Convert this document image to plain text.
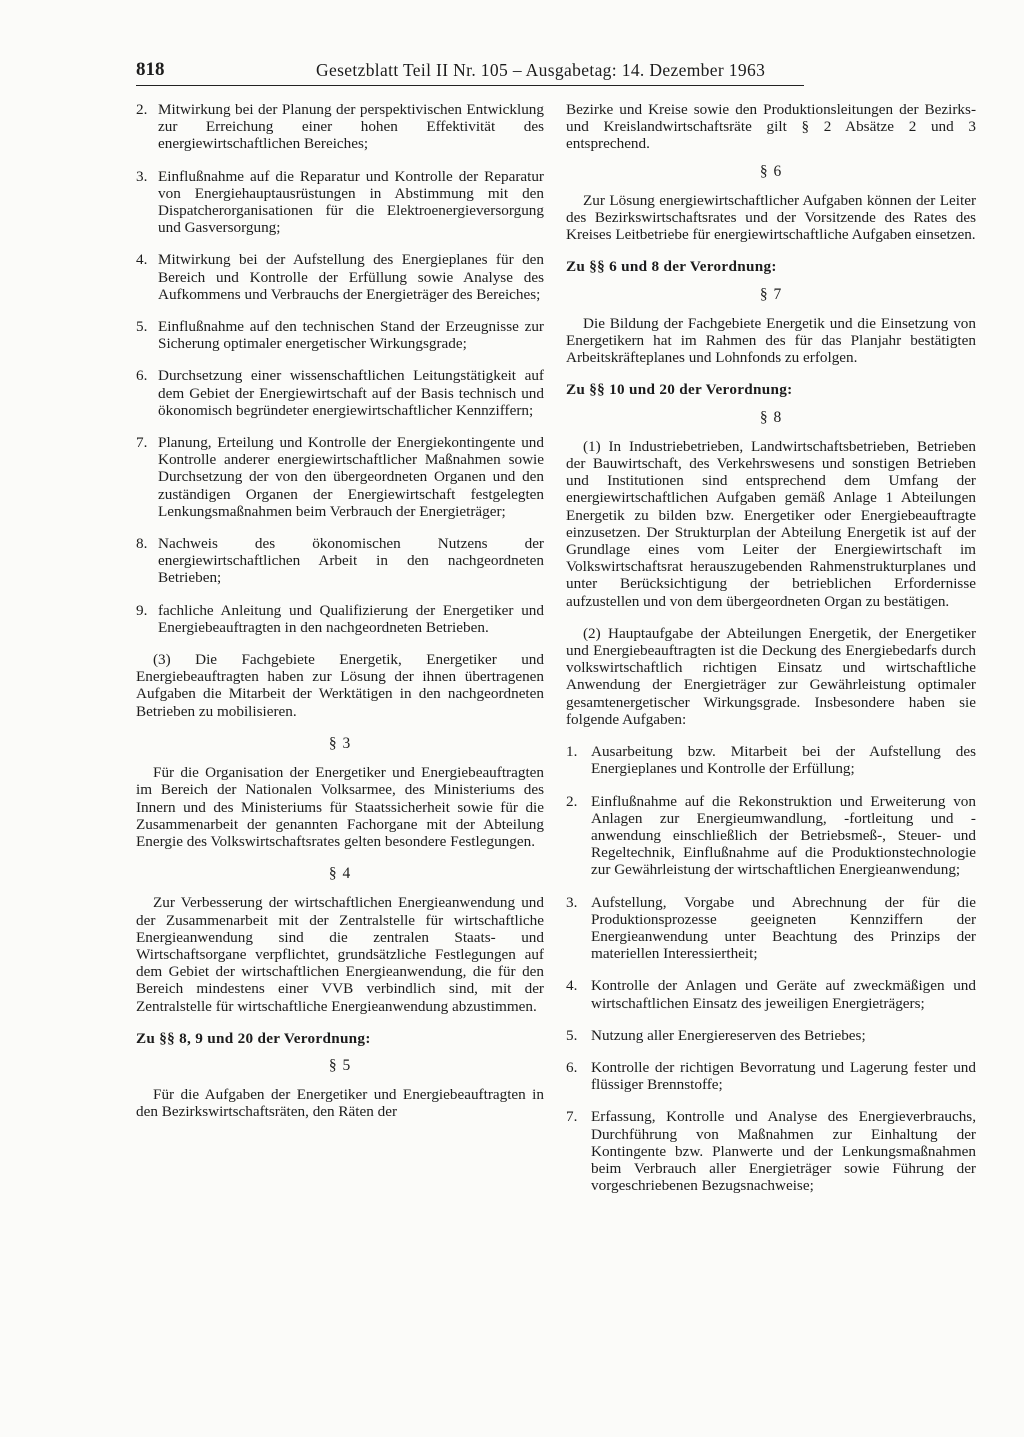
818	Gesetzblatt Teil II Nr. 105 – Ausgabetag: 14. Dezember 1963
2. Mitwirkung bei der Planung der perspektivischen Entwicklung zur Erreichung einer hohen Effektivität des energiewirtschaftlichen Bereiches;
3. Einflußnahme auf die Reparatur und Kontrolle der Reparatur von Energiehauptausrüstungen in Abstimmung mit den Dispatcherorganisationen für die Elektroenergieversorgung und Gasversorgung;
4. Mitwirkung bei der Aufstellung des Energieplanes für den Bereich und Kontrolle der Erfüllung sowie Analyse des Aufkommens und Verbrauchs der Energieträger des Bereiches;
5. Einflußnahme auf den technischen Stand der Erzeugnisse zur Sicherung optimaler energetischer Wirkungsgrade;
6. Durchsetzung einer wissenschaftlichen Leitungstätigkeit auf dem Gebiet der Energiewirtschaft auf der Basis technisch und ökonomisch begründeter energiewirtschaftlicher Kennziffern;
7. Planung, Erteilung und Kontrolle der Energiekontingente und Kontrolle anderer energiewirtschaftlicher Maßnahmen sowie Durchsetzung der von den übergeordneten Organen und den zuständigen Organen der Energiewirtschaft festgelegten Lenkungsmaßnahmen beim Verbrauch der Energieträger;
8. Nachweis des ökonomischen Nutzens der energiewirtschaftlichen Arbeit in den nachgeordneten Betrieben;
9. fachliche Anleitung und Qualifizierung der Energetiker und Energiebeauftragten in den nachgeordneten Betrieben.

(3) Die Fachgebiete Energetik, Energetiker und Energiebeauftragten haben zur Lösung der ihnen übertragenen Aufgaben die Mitarbeit der Werktätigen in den nachgeordneten Betrieben zu mobilisieren.

§ 3

Für die Organisation der Energetiker und Energiebeauftragten im Bereich der Nationalen Volksarmee, des Ministeriums des Innern und des Ministeriums für Staatssicherheit sowie für die Zusammenarbeit der genannten Fachorgane mit der Abteilung Energie des Volkswirtschaftsrates gelten besondere Festlegungen.

§ 4

Zur Verbesserung der wirtschaftlichen Energieanwendung und der Zusammenarbeit mit der Zentralstelle für wirtschaftliche Energieanwendung sind die zentralen Staats- und Wirtschaftsorgane verpflichtet, grundsätzliche Festlegungen auf dem Gebiet der wirtschaftlichen Energieanwendung, die für den Bereich mindestens einer VVB verbindlich sind, mit der Zentralstelle für wirtschaftliche Energieanwendung abzustimmen.

Zu §§ 8, 9 und 20 der Verordnung:
§ 5

Für die Aufgaben der Energetiker und Energiebeauftragten in den Bezirkswirtschaftsräten, den Räten der

Bezirke und Kreise sowie den Produktionsleitungen der Bezirks- und Kreislandwirtschaftsräte gilt § 2 Absätze 2 und 3 entsprechend.

§ 6

Zur Lösung energiewirtschaftlicher Aufgaben können der Leiter des Bezirkswirtschaftsrates und der Vorsitzende des Rates des Kreises Leitbetriebe für energiewirtschaftliche Aufgaben einsetzen.

Zu §§ 6 und 8 der Verordnung:
§ 7

Die Bildung der Fachgebiete Energetik und die Einsetzung von Energetikern hat im Rahmen des für das Planjahr bestätigten Arbeitskräfteplanes und Lohnfonds zu erfolgen.

Zu §§ 10 und 20 der Verordnung:
§ 8

(1) In Industriebetrieben, Landwirtschaftsbetrieben, Betrieben der Bauwirtschaft, des Verkehrswesens und sonstigen Betrieben und Institutionen sind entsprechend dem Umfang der energiewirtschaftlichen Aufgaben gemäß Anlage 1 Abteilungen Energetik zu bilden bzw. Energetiker oder Energiebeauftragte einzusetzen. Der Strukturplan der Abteilung Energetik ist auf der Grundlage eines vom Leiter der Energiewirtschaft im Volkswirtschaftsrat herauszugebenden Rahmenstrukturplanes und unter Berücksichtigung der betrieblichen Erfordernisse aufzustellen und von dem übergeordneten Organ zu bestätigen.

(2) Hauptaufgabe der Abteilungen Energetik, der Energetiker und Energiebeauftragten ist die Deckung des Energiebedarfs durch volkswirtschaftlich richtigen Einsatz und wirtschaftliche Anwendung der Energieträger zur Gewährleistung optimaler gesamtenergetischer Wirkungsgrade. Insbesondere haben sie folgende Aufgaben:

1. Ausarbeitung bzw. Mitarbeit bei der Aufstellung des Energieplanes und Kontrolle der Erfüllung;
2. Einflußnahme auf die Rekonstruktion und Erweiterung von Anlagen zur Energieumwandlung, -fortleitung und -anwendung einschließlich der Betriebsmeß-, Steuer- und Regeltechnik, Einflußnahme auf die Produktionstechnologie zur Gewährleistung der wirtschaftlichen Energieanwendung;
3. Aufstellung, Vorgabe und Abrechnung der für die Produktionsprozesse geeigneten Kennziffern der Energieanwendung unter Beachtung des Prinzips der materiellen Interessiertheit;
4. Kontrolle der Anlagen und Geräte auf zweckmäßigen und wirtschaftlichen Einsatz des jeweiligen Energieträgers;
5. Nutzung aller Energiereserven des Betriebes;
6. Kontrolle der richtigen Bevorratung und Lagerung fester und flüssiger Brennstoffe;
7. Erfassung, Kontrolle und Analyse des Energieverbrauchs, Durchführung von Maßnahmen zur Einhaltung der Kontingente bzw. Planwerte und der Lenkungsmaßnahmen beim Verbrauch aller Energieträger sowie Führung der vorgeschriebenen Bezugsnachweise;
